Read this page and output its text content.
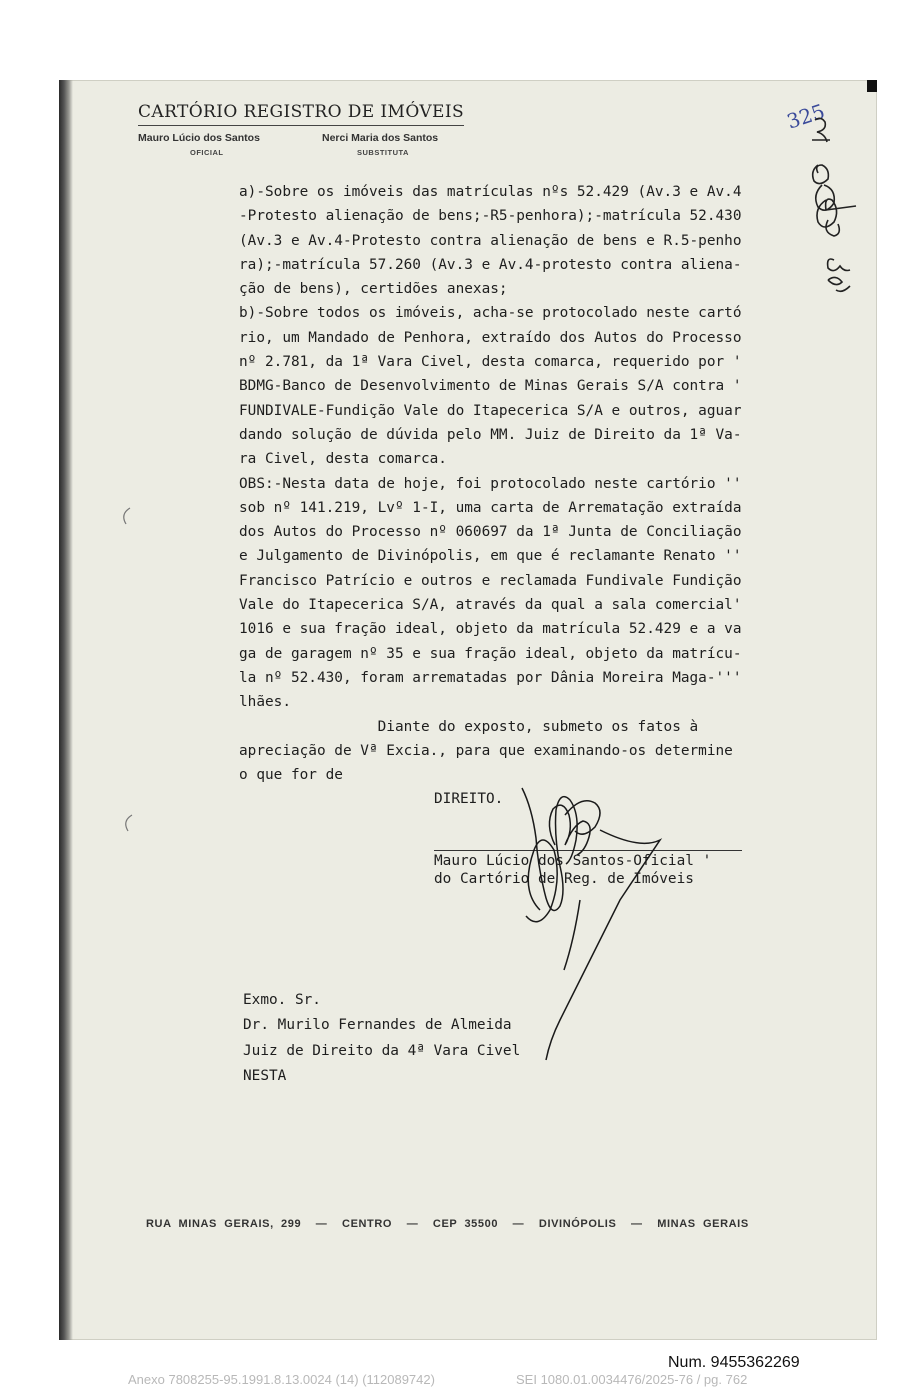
CARTÓRIO REGISTRO DE IMÓVEIS
Mauro Lúcio dos Santos
OFICIAL
Nerci Maria dos Santos
SUBSTITUTA
a)-Sobre os imóveis das matrículas nºs 52.429 (Av.3 e Av.4
-Protesto alienação de bens;-R5-penhora);-matrícula 52.430
(Av.3 e Av.4-Protesto contra alienação de bens e R.5-penho
ra);-matrícula 57.260 (Av.3 e Av.4-protesto contra aliena-
ção de bens), certidões anexas;
b)-Sobre todos os imóveis, acha-se protocolado neste cartó
rio, um Mandado de Penhora, extraído dos Autos do Processo
nº 2.781, da 1ª Vara Civel, desta comarca, requerido por '
BDMG-Banco de Desenvolvimento de Minas Gerais S/A contra '
FUNDIVALE-Fundição Vale do Itapecerica S/A e outros, aguar
dando solução de dúvida pelo MM. Juiz de Direito da 1ª Va-
ra Civel, desta comarca.
OBS:-Nesta data de hoje, foi protocolado neste cartório ''
sob nº 141.219, Lvº 1-I, uma carta de Arrematação extraída
dos Autos do Processo nº 060697 da 1ª Junta de Conciliação
e Julgamento de Divinópolis, em que é reclamante Renato ''
Francisco Patrício e outros e reclamada Fundivale Fundição
Vale do Itapecerica S/A, através da qual a sala comercial'
1016 e sua fração ideal, objeto da matrícula 52.429 e a va
ga de garagem nº 35 e sua fração ideal, objeto da matrícu-
la nº 52.430, foram arrematadas por Dânia Moreira Maga-'''
lhães.
Diante do exposto, submeto os fatos à
apreciação de Vª Excia., para que examinando-os determine
o que for de
DIREITO.
Mauro Lúcio dos Santos-Oficial '
do Cartório de Reg. de Imóveis
Exmo. Sr.
Dr. Murilo Fernandes de Almeida
Juiz de Direito da 4ª Vara Civel
NESTA
RUA  MINAS  GERAIS,  299    —    CENTRO    —    CEP  35500    —    DIVINÓPOLIS    —    MINAS  GERAIS
Num. 9455362269
Anexo 7808255-95.1991.8.13.0024 (14) (112089742)	SEI 1080.01.0034476/2025-76 / pg. 762
325
